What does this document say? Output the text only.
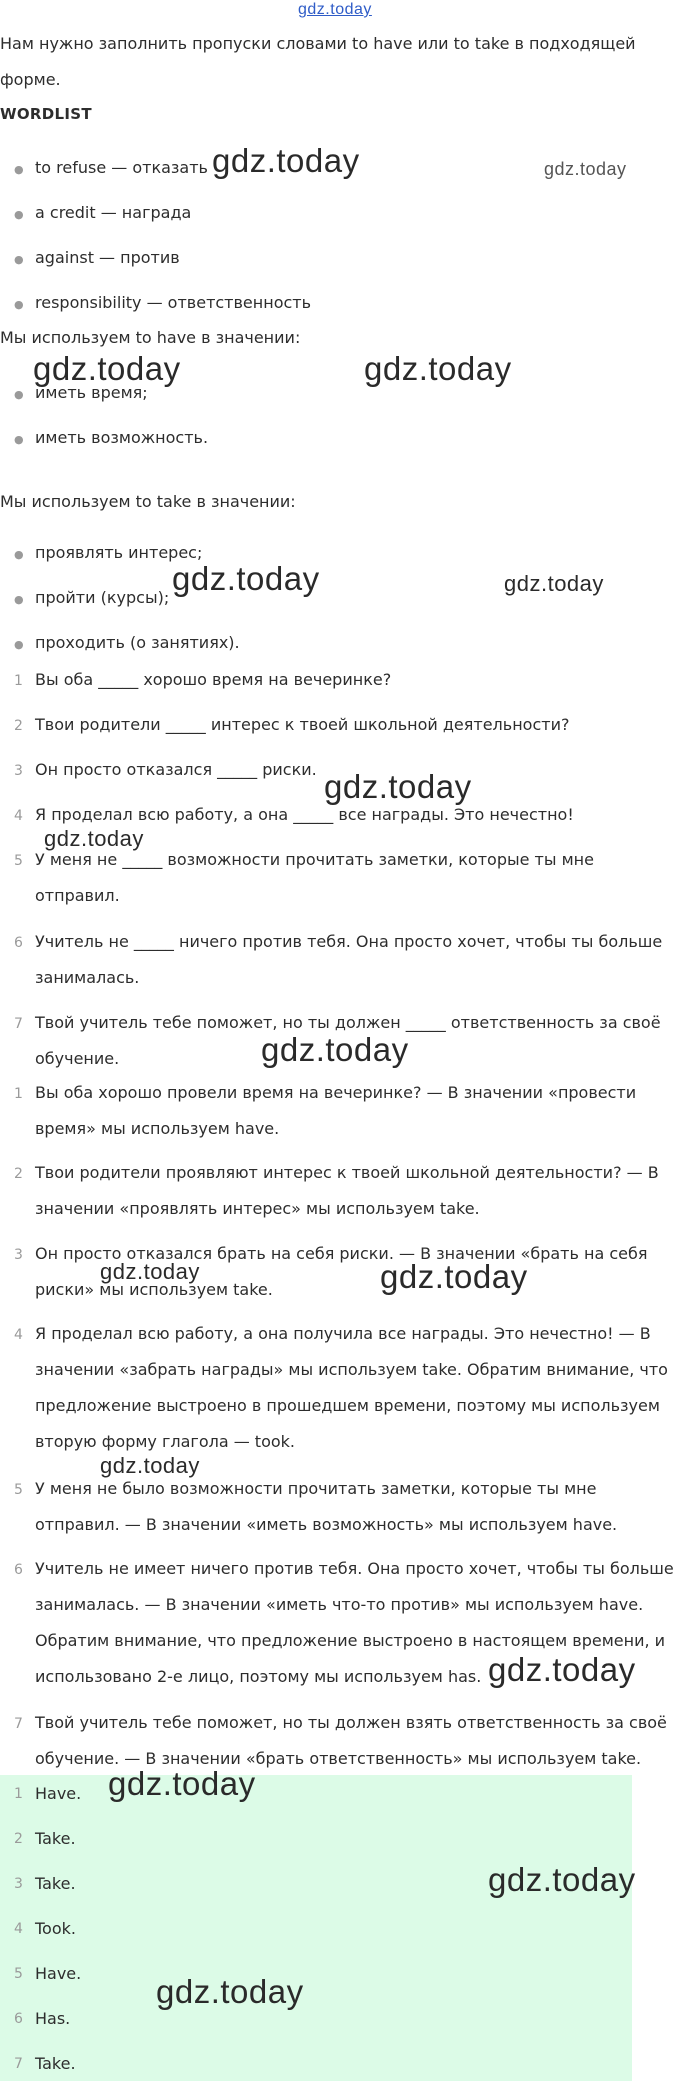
gdz.today

Нам нужно заполнить пропуски словами to have или to take в подходящей форме.

WORDLIST

● to refuse — отказать
● a credit — награда
● against — против
● responsibility — ответственность

Мы используем to have в значении:

● иметь время;
● иметь возможность.

Мы используем to take в значении:

● проявлять интерес;
● пройти (курсы);
● проходить (о занятиях).
1 Вы оба _____ хорошо время на вечеринке?

2 Твои родители _____ интерес к твоей школьной деятельности?

3 Он просто отказался _____ риски.

4 Я проделал всю работу, а она _____ все награды. Это нечестно!

5 У меня не _____ возможности прочитать заметки, которые ты мне отправил.

6 Учитель не _____ ничего против тебя. Она просто хочет, чтобы ты больше занималась.

7 Твой учитель тебе поможет, но ты должен _____ ответственность за своё обучение.

1 Вы оба хорошо провели время на вечеринке? — В значении «провести время» мы используем have.

2 Твои родители проявляют интерес к твоей школьной деятельности? — В значении «проявлять интерес» мы используем take.

3 Он просто отказался брать на себя риски. — В значении «брать на себя риски» мы используем take.

4 Я проделал всю работу, а она получила все награды. Это нечестно! — В значении «забрать награды» мы используем take. Обратим внимание, что предложение выстроено в прошедшем времени, поэтому мы используем вторую форму глагола — took.

5 У меня не было возможности прочитать заметки, которые ты мне отправил. — В значении «иметь возможность» мы используем have.

6 Учитель не имеет ничего против тебя. Она просто хочет, чтобы ты больше занималась. — В значении «иметь что-то против» мы используем have. Обратим внимание, что предложение выстроено в настоящем времени, и использовано 2-е лицо, поэтому мы используем has.

7 Твой учитель тебе поможет, но ты должен взять ответственность за своё обучение. — В значении «брать ответственность» мы используем take.

1 Have.
2 Take.
3 Take.
4 Took.
5 Have.
6 Has.
7 Take.
gdz.today	gdz.today
gdz.today	gdz.today
gdz.today	gdz.today
gdz.today
gdz.today
gdz.today
gdz.today	gdz.today
gdz.today
gdz.today
gdz.today
gdz.today
gdz.today
